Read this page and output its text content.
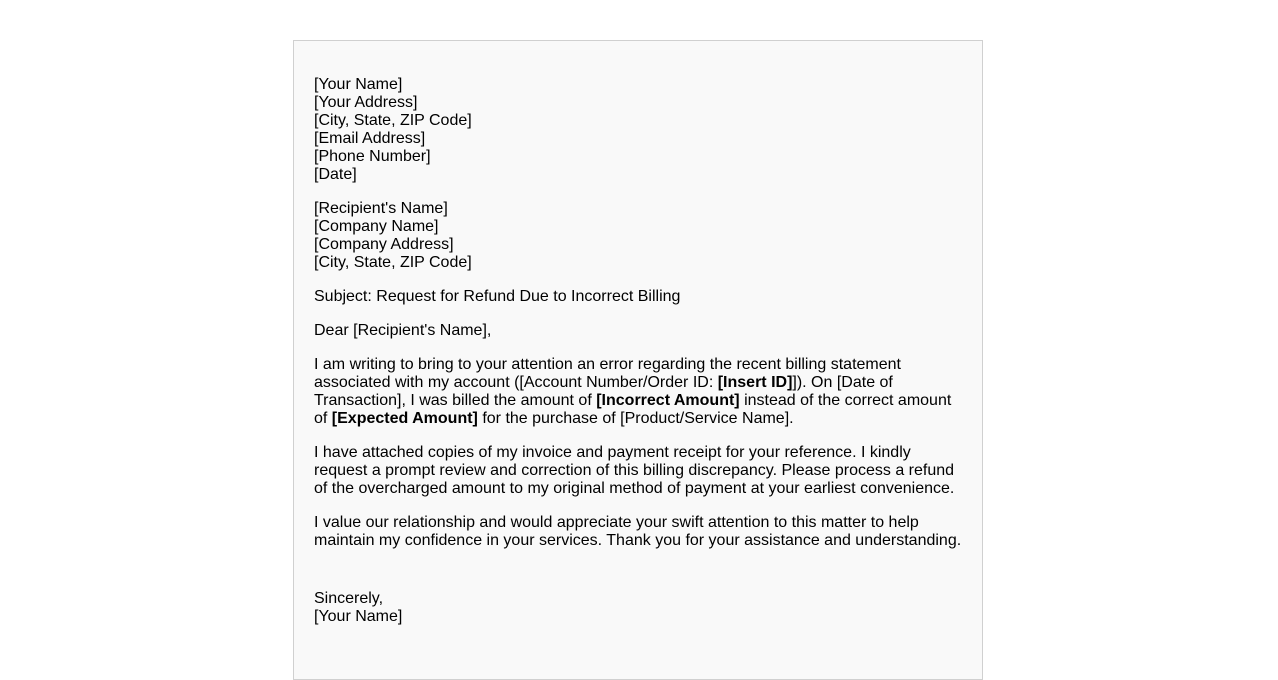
[Your Name]
[Your Address]
[City, State, ZIP Code]
[Email Address]
[Phone Number]
[Date]
[Recipient's Name]
[Company Name]
[Company Address]
[City, State, ZIP Code]

Subject: Request for Refund Due to Incorrect Billing

Dear [Recipient's Name],

I am writing to bring to your attention an error regarding the recent billing statement associated with my account ([Account Number/Order ID: [Insert ID]]). On [Date of Transaction], I was billed the amount of [Incorrect Amount] instead of the correct amount of [Expected Amount] for the purchase of [Product/Service Name].

I have attached copies of my invoice and payment receipt for your reference. I kindly request a prompt review and correction of this billing discrepancy. Please process a refund of the overcharged amount to my original method of payment at your earliest convenience.

I value our relationship and would appreciate your swift attention to this matter to help maintain my confidence in your services. Thank you for your assistance and understanding.

Sincerely,
[Your Name]
